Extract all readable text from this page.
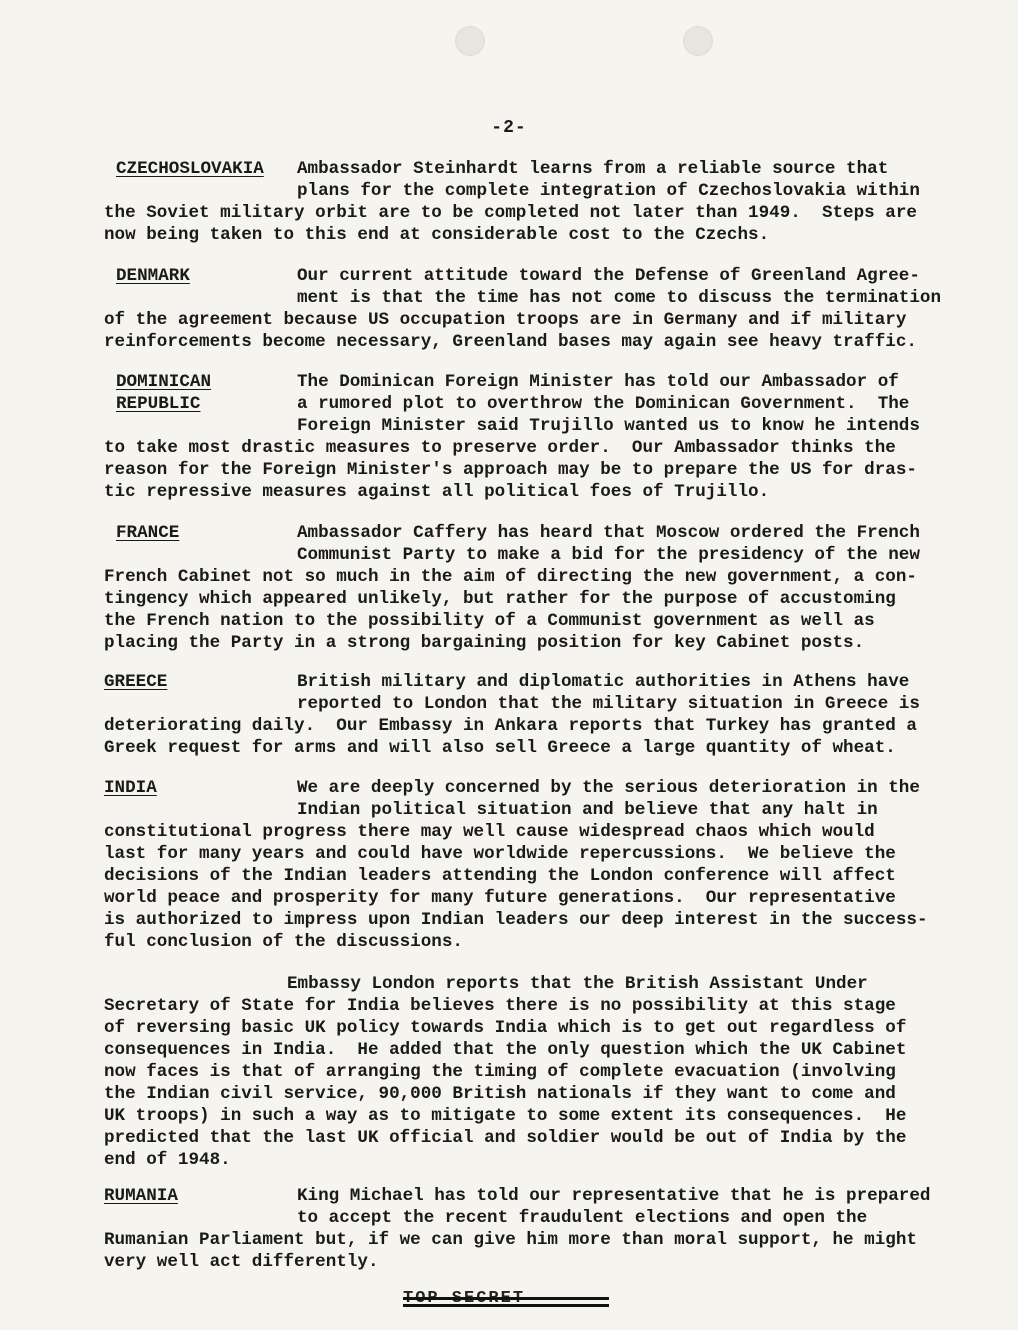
-2-
CZECHOSLOVAKIA	Ambassador Steinhardt learns from a reliable source that
plans for the complete integration of Czechoslovakia within
the Soviet military orbit are to be completed not later than 1949.  Steps are
now being taken to this end at considerable cost to the Czechs.
DENMARK	Our current attitude toward the Defense of Greenland Agree-
ment is that the time has not come to discuss the termination
of the agreement because US occupation troops are in Germany and if military
reinforcements become necessary, Greenland bases may again see heavy traffic.
DOMINICAN
REPUBLIC
The Dominican Foreign Minister has told our Ambassador of
a rumored plot to overthrow the Dominican Government.  The
Foreign Minister said Trujillo wanted us to know he intends
to take most drastic measures to preserve order.  Our Ambassador thinks the
reason for the Foreign Minister's approach may be to prepare the US for dras-
tic repressive measures against all political foes of Trujillo.
FRANCE	Ambassador Caffery has heard that Moscow ordered the French
Communist Party to make a bid for the presidency of the new
French Cabinet not so much in the aim of directing the new government, a con-
tingency which appeared unlikely, but rather for the purpose of accustoming
the French nation to the possibility of a Communist government as well as
placing the Party in a strong bargaining position for key Cabinet posts.
GREECE	British military and diplomatic authorities in Athens have
reported to London that the military situation in Greece is
deteriorating daily.  Our Embassy in Ankara reports that Turkey has granted a
Greek request for arms and will also sell Greece a large quantity of wheat.
INDIA	We are deeply concerned by the serious deterioration in the
Indian political situation and believe that any halt in
constitutional progress there may well cause widespread chaos which would
last for many years and could have worldwide repercussions.  We believe the
decisions of the Indian leaders attending the London conference will affect
world peace and prosperity for many future generations.  Our representative
is authorized to impress upon Indian leaders our deep interest in the success-
ful conclusion of the discussions.
Embassy London reports that the British Assistant Under
Secretary of State for India believes there is no possibility at this stage
of reversing basic UK policy towards India which is to get out regardless of
consequences in India.  He added that the only question which the UK Cabinet
now faces is that of arranging the timing of complete evacuation (involving
the Indian civil service, 90,000 British nationals if they want to come and
UK troops) in such a way as to mitigate to some extent its consequences.  He
predicted that the last UK official and soldier would be out of India by the
end of 1948.
RUMANIA	King Michael has told our representative that he is prepared
to accept the recent fraudulent elections and open the
Rumanian Parliament but, if we can give him more than moral support, he might
very well act differently.
